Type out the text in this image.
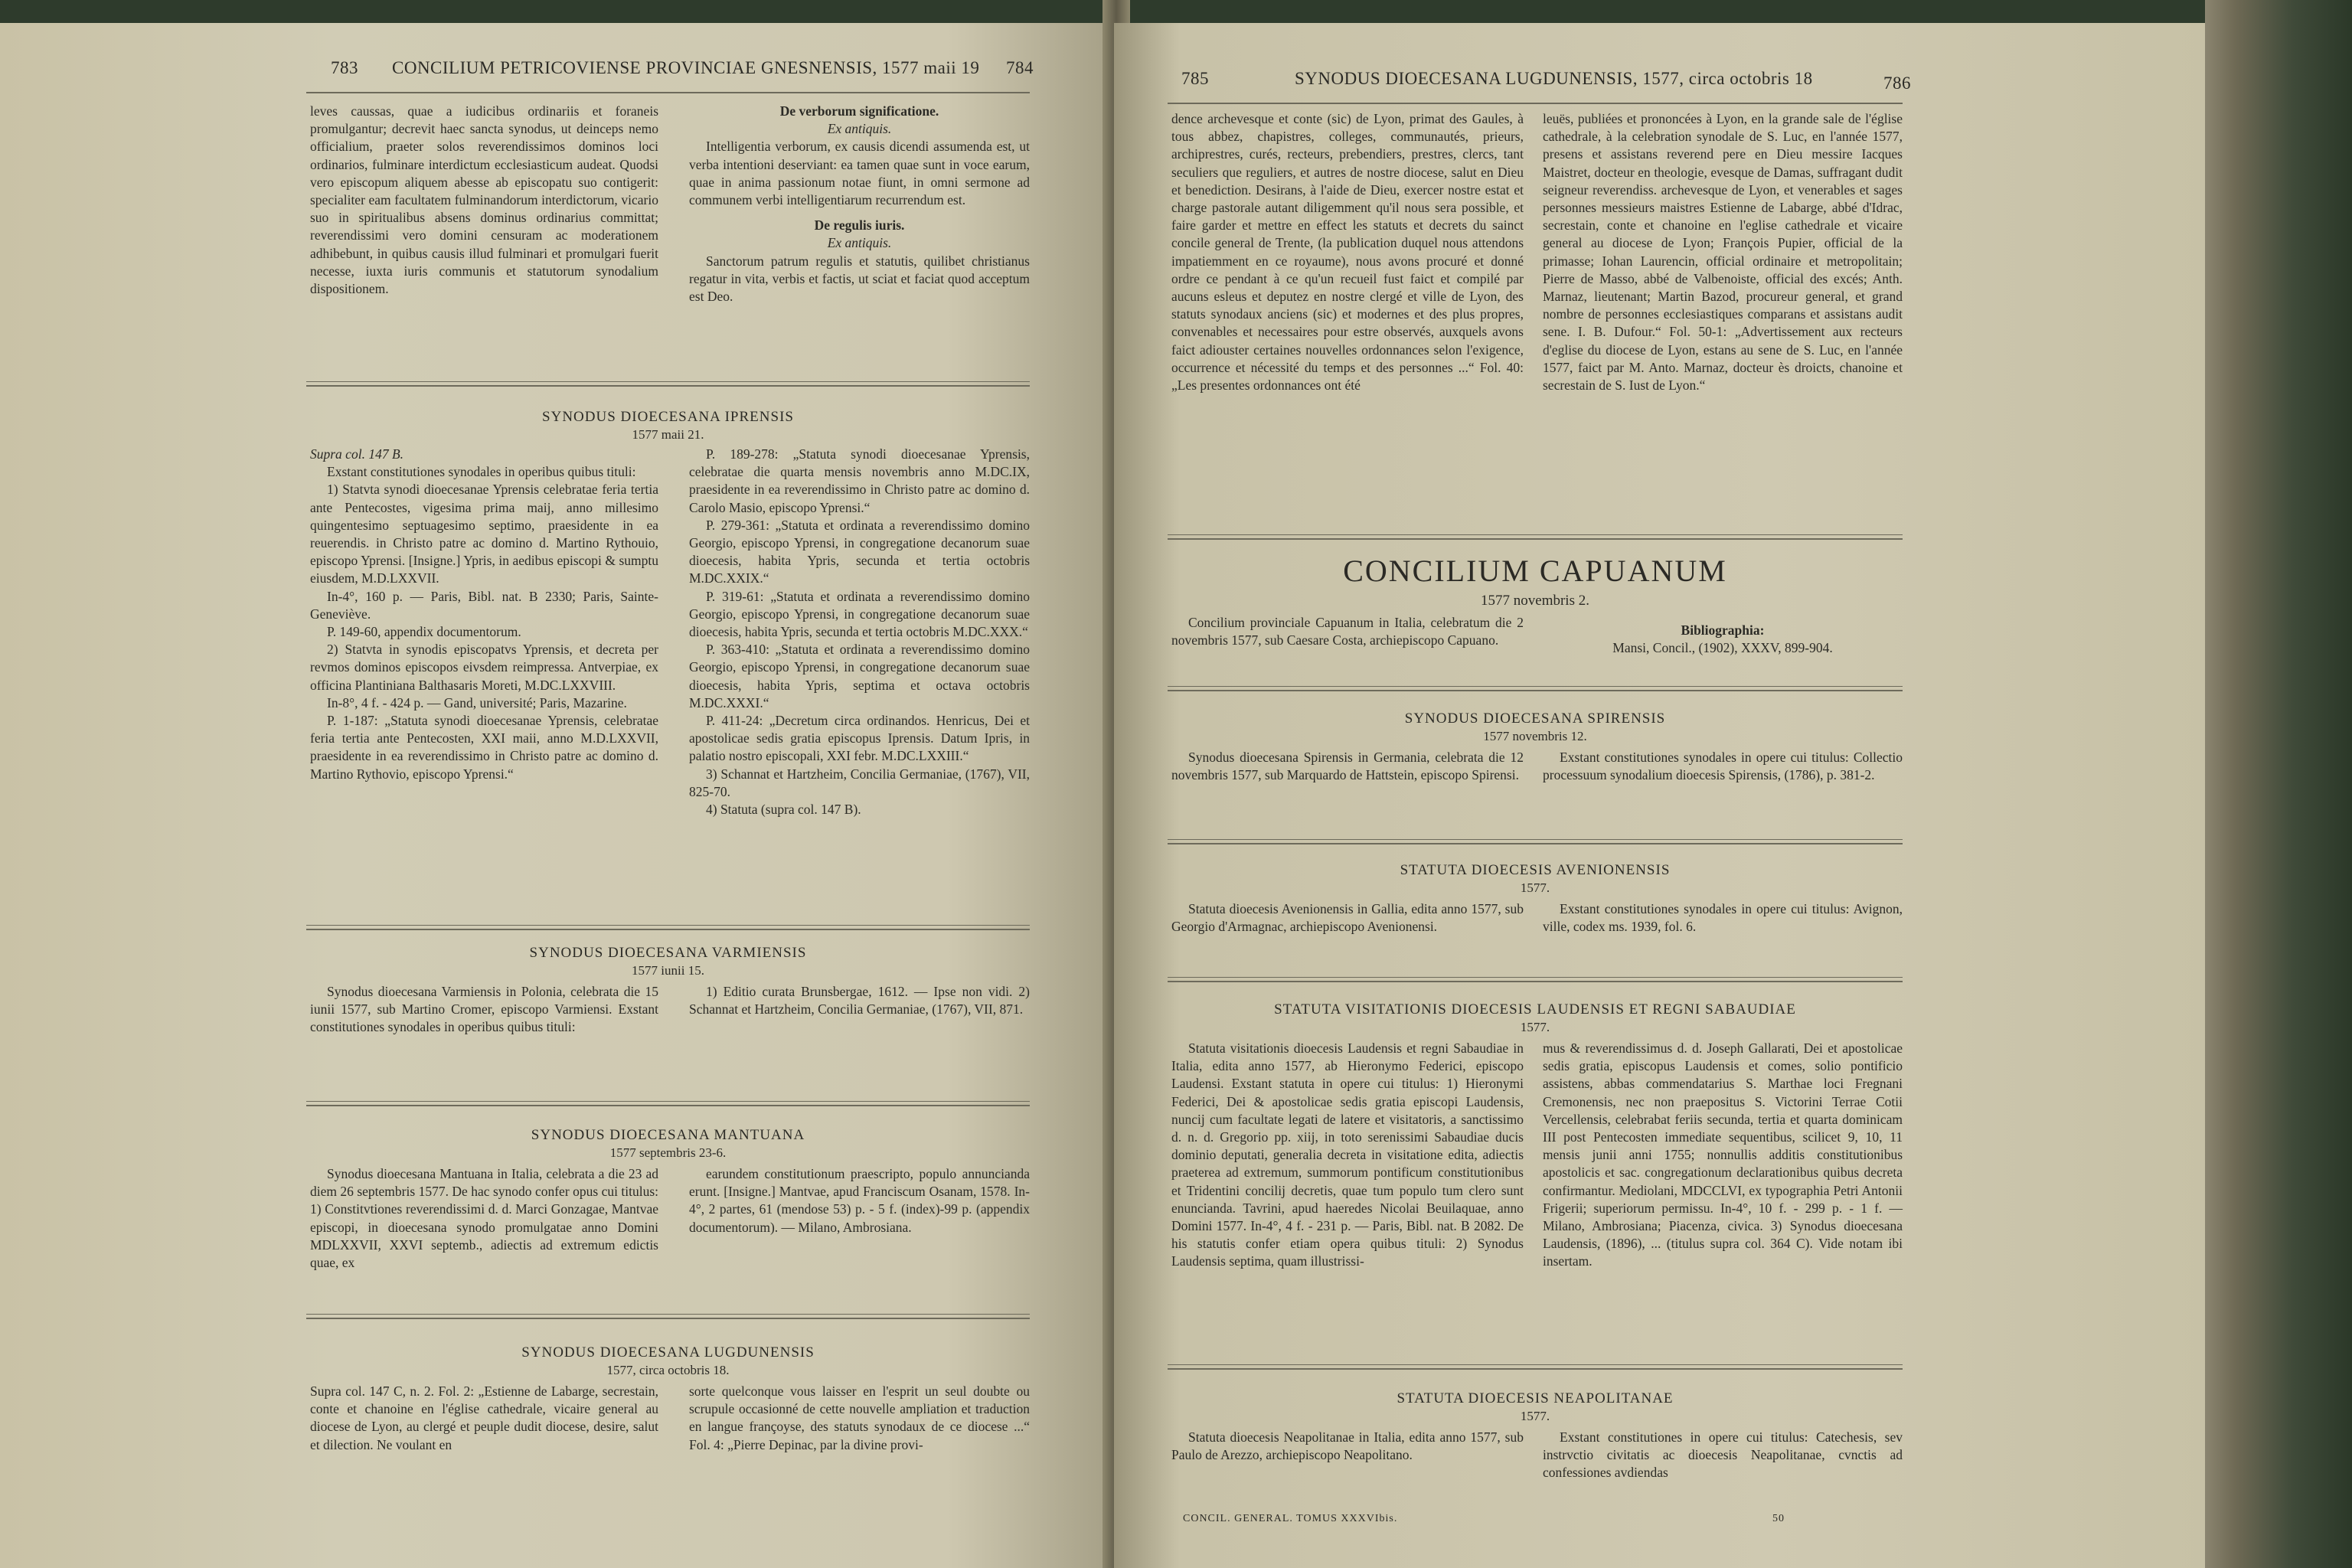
783 CONCILIUM PETRICOVIENSE PROVINCIAE GNESNENSIS, 1577 maii 19 784

leves caussas, quae a iudicibus ordinariis et foraneis promulgantur; decrevit haec sancta synodus, ut deinceps nemo officialium, praeter solos reverendissimos dominos loci ordinarios, fulminare interdictum ecclesiasticum audeat. Quodsi vero episcopum aliquem abesse ab episcopatu suo contigerit: specialiter eam facultatem fulminandorum interdictorum, vicario suo in spiritualibus absens dominus ordinarius committat; reverendissimi vero domini censuram ac moderationem adhibebunt, in quibus causis illud fulminari et promulgari fuerit necesse, iuxta iuris communis et statutorum synodalium dispositionem.

De verborum significatione.
Ex antiquis.

Intelligentia verborum, ex causis dicendi assumenda est, ut verba intentioni deserviant: ea tamen quae sunt in voce earum, quae in anima passionum notae fiunt, in omni sermone ad communem verbi intelligentiarum recurrendum est.

De regulis iuris.
Ex antiquis.

Sanctorum patrum regulis et statutis, quilibet christianus regatur in vita, verbis et factis, ut sciat et faciat quod acceptum est Deo.

SYNODUS DIOECESANA IPRENSIS
1577 maii 21.

Supra col. 147 B.

Exstant constitutiones synodales in operibus quibus tituli:

1) Statvta synodi dioecesanae Yprensis celebratae feria tertia ante Pentecostes, vigesima prima maij, anno millesimo quingentesimo septuagesimo septimo, praesidente in ea reuerendis. in Christo patre ac domino d. Martino Rythouio, episcopo Yprensi. [Insigne.] Ypris, in aedibus episcopi & sumptu eiusdem, M.D.LXXVII.

In-4°, 160 p. — Paris, Bibl. nat. B 2330; Paris, Sainte-Geneviève.

P. 149-60, appendix documentorum.

2) Statvta in synodis episcopatvs Yprensis, et decreta per revmos dominos episcopos eivsdem reimpressa. Antverpiae, ex officina Plantiniana Balthasaris Moreti, M.DC.LXXVIII.

In-8°, 4 f. - 424 p. — Gand, université; Paris, Mazarine.

P. 1-187: „Statuta synodi dioecesanae Yprensis, celebratae feria tertia ante Pentecosten, XXI maii, anno M.D.LXXVII, praesidente in ea reverendissimo in Christo patre ac domino d. Martino Rythovio, episcopo Yprensi.“

P. 189-278: „Statuta synodi dioecesanae Yprensis, celebratae die quarta mensis novembris anno M.DC.IX, praesidente in ea reverendissimo in Christo patre ac domino d. Carolo Masio, episcopo Yprensi.“

P. 279-361: „Statuta et ordinata a reverendissimo domino Georgio, episcopo Yprensi, in congregatione decanorum suae dioecesis, habita Ypris, secunda et tertia octobris M.DC.XXIX.“

P. 319-61: „Statuta et ordinata a reverendissimo domino Georgio, episcopo Yprensi, in congregatione decanorum suae dioecesis, habita Ypris, secunda et tertia octobris M.DC.XXX.“

P. 363-410: „Statuta et ordinata a reverendissimo domino Georgio, episcopo Yprensi, in congregatione decanorum suae dioecesis, habita Ypris, septima et octava octobris M.DC.XXXI.“

P. 411-24: „Decretum circa ordinandos. Henricus, Dei et apostolicae sedis gratia episcopus Iprensis. Datum Ipris, in palatio nostro episcopali, XXI febr. M.DC.LXXIII.“

3) Schannat et Hartzheim, Concilia Germaniae, (1767), VII, 825-70.

4) Statuta (supra col. 147 B).

SYNODUS DIOECESANA VARMIENSIS
1577 iunii 15.

Synodus dioecesana Varmiensis in Polonia, celebrata die 15 iunii 1577, sub Martino Cromer, episcopo Varmiensi. Exstant constitutiones synodales in operibus quibus tituli:

1) Editio curata Brunsbergae, 1612. — Ipse non vidi. 2) Schannat et Hartzheim, Concilia Germaniae, (1767), VII, 871.

SYNODUS DIOECESANA MANTUANA
1577 septembris 23-6.

Synodus dioecesana Mantuana in Italia, celebrata a die 23 ad diem 26 septembris 1577. De hac synodo confer opus cui titulus: 1) Constitvtiones reverendissimi d. d. Marci Gonzagae, Mantvae episcopi, in dioecesana synodo promulgatae anno Domini MDLXXVII, XXVI septemb., adiectis ad extremum edictis quae, ex

earundem constitutionum praescripto, populo annuncianda erunt. [Insigne.] Mantvae, apud Franciscum Osanam, 1578. In-4°, 2 partes, 61 (mendose 53) p. - 5 f. (index)-99 p. (appendix documentorum). — Milano, Ambrosiana.

SYNODUS DIOECESANA LUGDUNENSIS
1577, circa octobris 18.

Supra col. 147 C, n. 2. Fol. 2: „Estienne de Labarge, secrestain, conte et chanoine en l'église cathedrale, vicaire general au diocese de Lyon, au clergé et peuple dudit diocese, desire, salut et dilection. Ne voulant en

sorte quelconque vous laisser en l'esprit un seul doubte ou scrupule occasionné de cette nouvelle ampliation et traduction en langue françoyse, des statuts synodaux de ce diocese ...“ Fol. 4: „Pierre Depinac, par la divine provi-

785	SYNODUS DIOECESANA LUGDUNENSIS, 1577, circa octobris 18	786

dence archevesque et conte (sic) de Lyon, primat des Gaules, à tous abbez, chapistres, colleges, communautés, prieurs, archiprestres, curés, recteurs, prebendiers, prestres, clercs, tant seculiers que reguliers, et autres de nostre diocese, salut en Dieu et benediction. Desirans, à l'aide de Dieu, exercer nostre estat et charge pastorale autant diligemment qu'il nous sera possible, et faire garder et mettre en effect les statuts et decrets du sainct concile general de Trente, (la publication duquel nous attendons impatiemment en ce royaume), nous avons procuré et donné ordre ce pendant à ce qu'un recueil fust faict et compilé par aucuns esleus et deputez en nostre clergé et ville de Lyon, des statuts synodaux anciens (sic) et modernes et des plus propres, convenables et necessaires pour estre observés, auxquels avons faict adiouster certaines nouvelles ordonnances selon l'exigence, occurrence et nécessité du temps et des personnes ...“ Fol. 40: „Les presentes ordonnances ont été

leuës, publiées et prononcées à Lyon, en la grande sale de l'église cathedrale, à la celebration synodale de S. Luc, en l'année 1577, presens et assistans reverend pere en Dieu messire Iacques Maistret, docteur en theologie, evesque de Damas, suffragant dudit seigneur reverendiss. archevesque de Lyon, et venerables et sages personnes messieurs maistres Estienne de Labarge, abbé d'Idrac, secrestain, conte et chanoine en l'eglise cathedrale et vicaire general au diocese de Lyon; François Pupier, official de la primasse; Iohan Laurencin, official ordinaire et metropolitain; Pierre de Masso, abbé de Valbenoiste, official des excés; Anth. Marnaz, lieutenant; Martin Bazod, procureur general, et grand nombre de personnes ecclesiastiques comparans et assistans audit sene. I. B. Dufour.“ Fol. 50-1: „Advertissement aux recteurs d'eglise du diocese de Lyon, estans au sene de S. Luc, en l'année 1577, faict par M. Anto. Marnaz, docteur ès droicts, chanoine et secrestain de S. Iust de Lyon.“

CONCILIUM CAPUANUM
1577 novembris 2.

Concilium provinciale Capuanum in Italia, celebratum die 2 novembris 1577, sub Caesare Costa, archiepiscopo Capuano.

Bibliographia:
Mansi, Concil., (1902), XXXV, 899-904.
SYNODUS DIOECESANA SPIRENSIS
1577 novembris 12.

Synodus dioecesana Spirensis in Germania, celebrata die 12 novembris 1577, sub Marquardo de Hattstein, episcopo Spirensi.

Exstant constitutiones synodales in opere cui titulus: Collectio processuum synodalium dioecesis Spirensis, (1786), p. 381-2.

STATUTA DIOECESIS AVENIONENSIS
1577.

Statuta dioecesis Avenionensis in Gallia, edita anno 1577, sub Georgio d'Armagnac, archiepiscopo Avenionensi.

Exstant constitutiones synodales in opere cui titulus: Avignon, ville, codex ms. 1939, fol. 6.

STATUTA VISITATIONIS DIOECESIS LAUDENSIS ET REGNI SABAUDIAE
1577.

Statuta visitationis dioecesis Laudensis et regni Sabaudiae in Italia, edita anno 1577, ab Hieronymo Federici, episcopo Laudensi. Exstant statuta in opere cui titulus: 1) Hieronymi Federici, Dei & apostolicae sedis gratia episcopi Laudensis, nuncij cum facultate legati de latere et visitatoris, a sanctissimo d. n. d. Gregorio pp. xiij, in toto serenissimi Sabaudiae ducis dominio deputati, generalia decreta in visitatione edita, adiectis praeterea ad extremum, summorum pontificum constitutionibus et Tridentini concilij decretis, quae tum populo tum clero sunt enuncianda. Tavrini, apud haeredes Nicolai Beuilaquae, anno Domini 1577. In-4°, 4 f. - 231 p. — Paris, Bibl. nat. B 2082. De his statutis confer etiam opera quibus tituli: 2) Synodus Laudensis septima, quam illustrissi-

mus & reverendissimus d. d. Joseph Gallarati, Dei et apostolicae sedis gratia, episcopus Laudensis et comes, solio pontificio assistens, abbas commendatarius S. Marthae loci Fregnani Cremonensis, nec non praepositus S. Victorini Terrae Cotii Vercellensis, celebrabat feriis secunda, tertia et quarta dominicam III post Pentecosten immediate sequentibus, scilicet 9, 10, 11 mensis junii anni 1755; nonnullis additis constitutionibus apostolicis et sac. congregationum declarationibus quibus decreta confirmantur. Mediolani, MDCCLVI, ex typographia Petri Antonii Frigerii; superiorum permissu. In-4°, 10 f. - 299 p. - 1 f. — Milano, Ambrosiana; Piacenza, civica. 3) Synodus dioecesana Laudensis, (1896), ... (titulus supra col. 364 C). Vide notam ibi insertam.

STATUTA DIOECESIS NEAPOLITANAE
1577.

Statuta dioecesis Neapolitanae in Italia, edita anno 1577, sub Paulo de Arezzo, archiepiscopo Neapolitano.

Exstant constitutiones in opere cui titulus: Catechesis, sev instrvctio civitatis ac dioecesis Neapolitanae, cvnctis ad confessiones avdiendas

CONCIL. GENERAL. TOMUS XXXVIbis.	50
